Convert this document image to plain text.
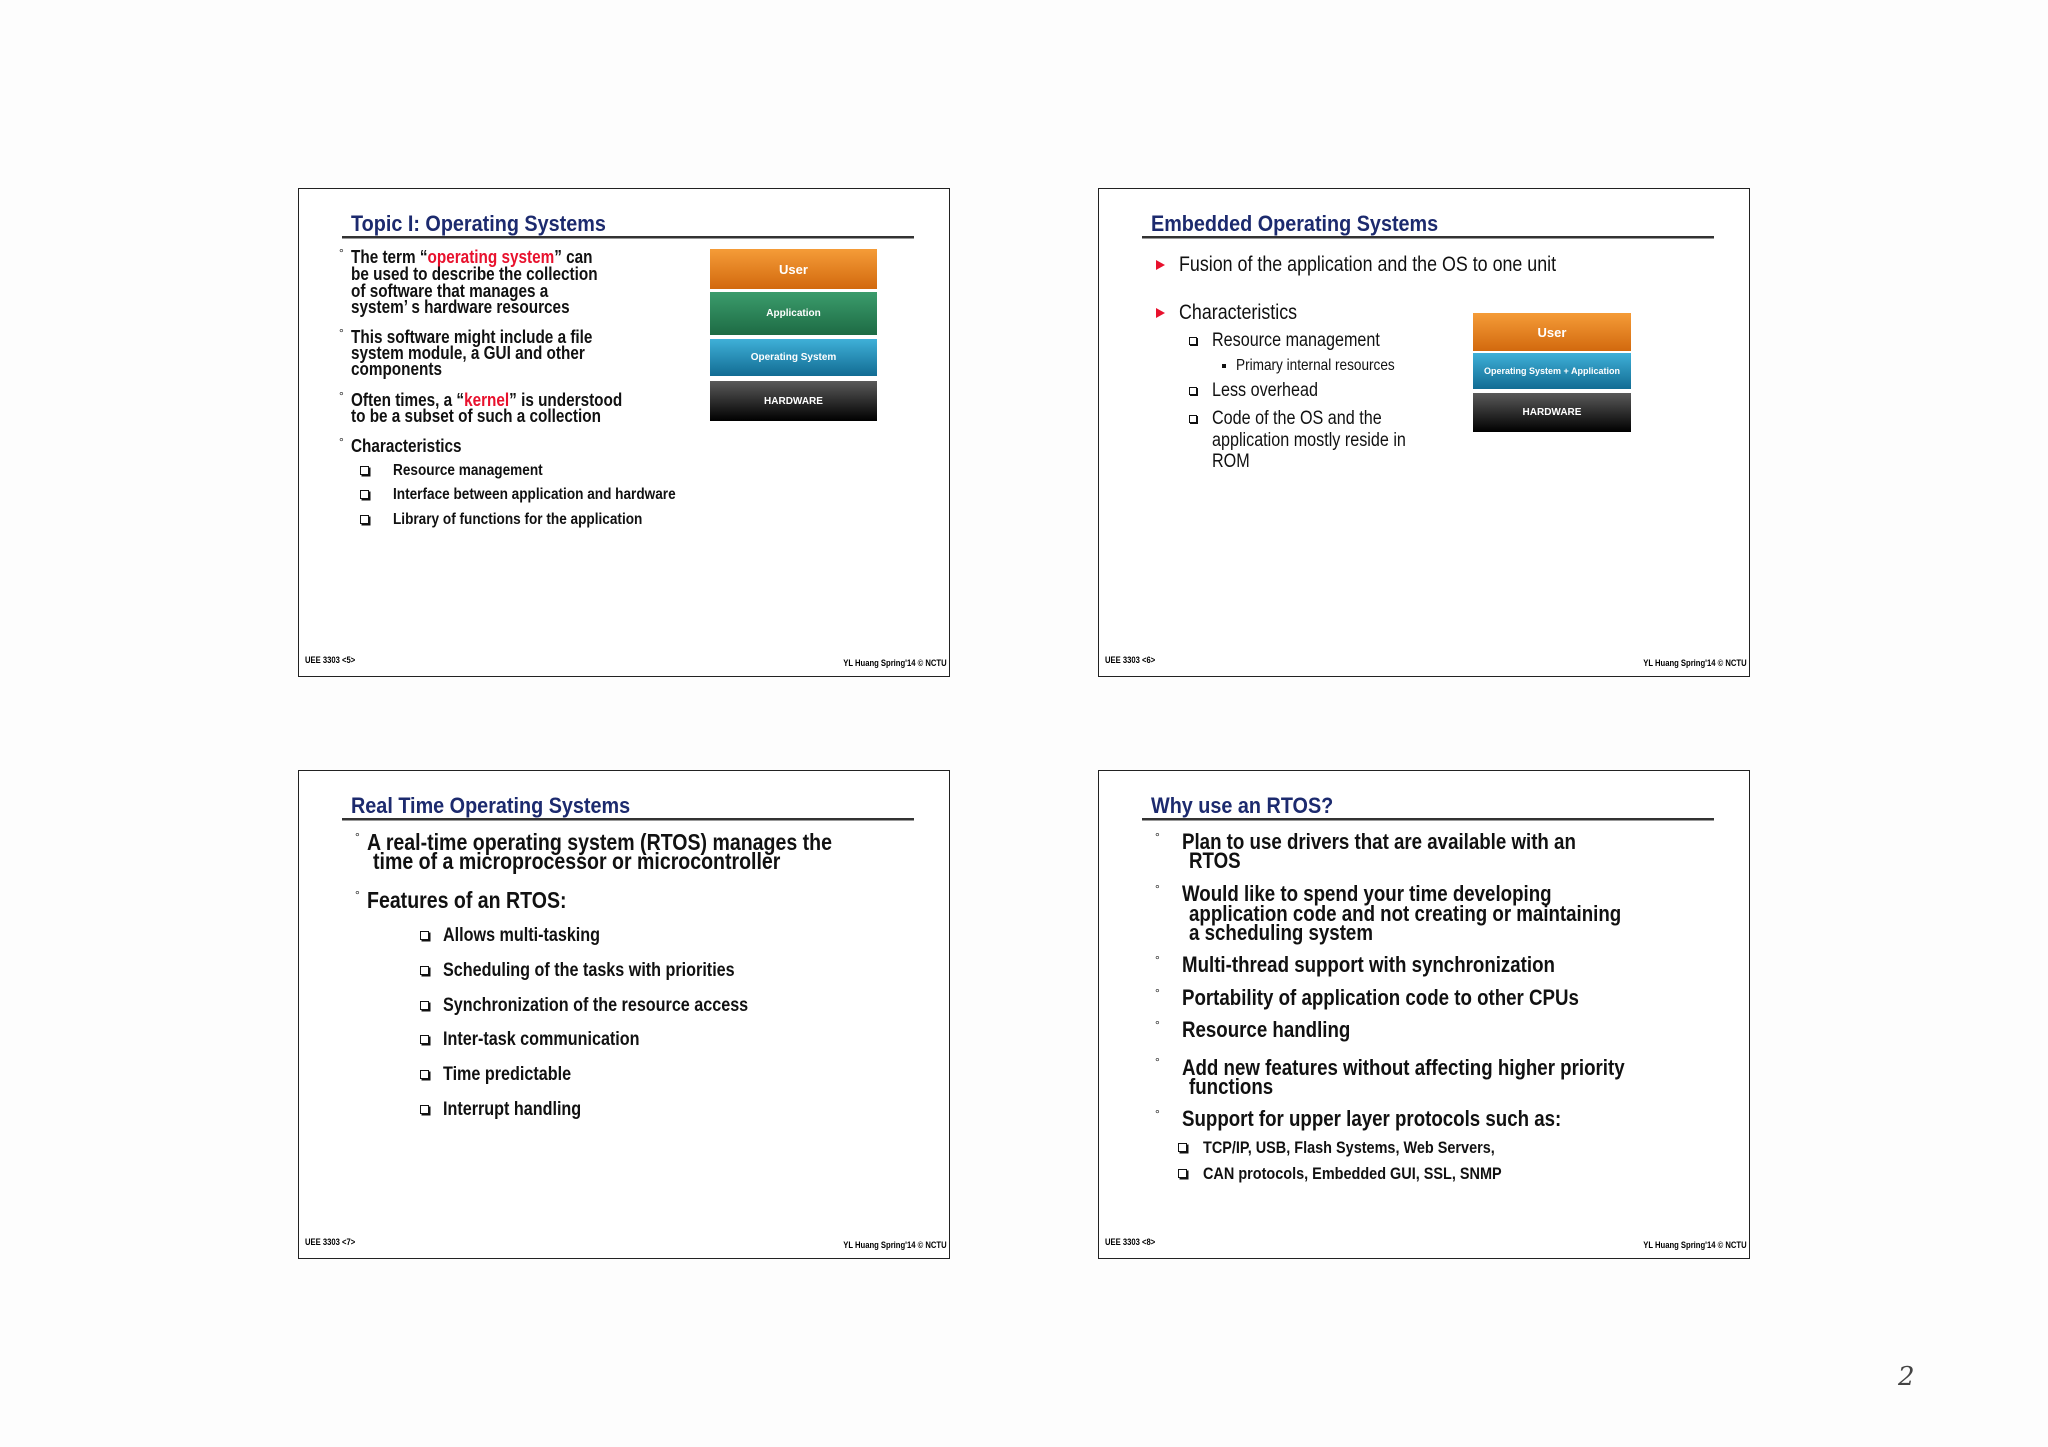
Topic I: Operating Systems
° The term “operating system” can
be used to describe the collection
of software that manages a
system’ s hardware resources
° This software might include a file
system module, a GUI and other
components
° Often times, a “kernel” is understood
to be a subset of such a collection
° Characteristics
Resource management
Interface between application and hardware
Library of functions for the application
User
Application
Operating System
HARDWARE
UEE 3303 <5>	YL Huang Spring'14 © NCTU
Embedded Operating Systems
Fusion of the application and the OS to one unit
Characteristics
Resource management
Primary internal resources
Less overhead
Code of the OS and the
application mostly reside in
ROM
User
Operating System + Application
HARDWARE
UEE 3303 <6>	YL Huang Spring'14 © NCTU
Real Time Operating Systems
° A real-time operating system (RTOS) manages the
time of a microprocessor or microcontroller
° Features of an RTOS:
Allows multi-tasking
Scheduling of the tasks with priorities
Synchronization of the resource access
Inter-task communication
Time predictable
Interrupt handling
UEE 3303 <7>	YL Huang Spring'14 © NCTU
Why use an RTOS?
° Plan to use drivers that are available with an
RTOS
° Would like to spend your time developing
application code and not creating or maintaining
a scheduling system
° Multi-thread support with synchronization
° Portability of application code to other CPUs
° Resource handling
° Add new features without affecting higher priority
functions
° Support for upper layer protocols such as:
TCP/IP, USB, Flash Systems, Web Servers,
CAN protocols, Embedded GUI, SSL, SNMP
UEE 3303 <8>	YL Huang Spring'14 © NCTU
2
